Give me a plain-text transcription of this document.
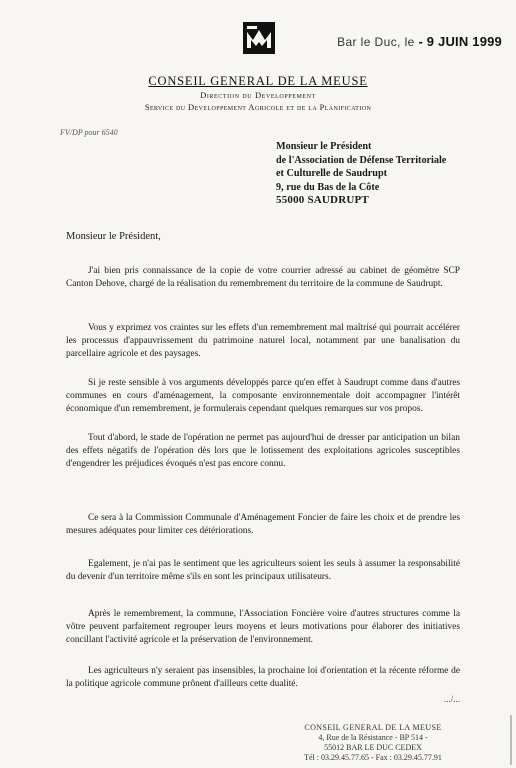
Bar le Duc, le - 9 JUIN 1999
CONSEIL GENERAL DE LA MEUSE
Direction du Developpement
Service du Developpement Agricole et de la Planification
FV/DP pour 6540
Monsieur le Président
de l'Association de Défense Territoriale
et Culturelle de Saudrupt
9, rue du Bas de la Côte
55000 SAUDRUPT
Monsieur le Président,

J'ai bien pris connaissance de la copie de votre courrier adressé au cabinet de géomètre SCP Canton Dehove, chargé de la réalisation du remembrement du territoire de la commune de Saudrupt.

Vous y exprimez vos craintes sur les effets d'un remembrement mal maîtrisé qui pourrait accélérer les processus d'appauvrissement du patrimoine naturel local, notamment par une banalisation du parcellaire agricole et des paysages.

Si je reste sensible à vos arguments développés parce qu'en effet à Saudrupt comme dans d'autres communes en cours d'aménagement, la composante environnementale doit accompagner l'intérêt économique d'un remembrement, je formulerais cependant quelques remarques sur vos propos.

Tout d'abord, le stade de l'opération ne permet pas aujourd'hui de dresser par anticipation un bilan des effets négatifs de l'opération dès lors que le lotissement des exploitations agricoles susceptibles d'engendrer les préjudices évoqués n'est pas encore connu.

Ce sera à la Commission Communale d'Aménagement Foncier de faire les choix et de prendre les mesures adéquates pour limiter ces détériorations.

Egalement, je n'ai pas le sentiment que les agriculteurs soient les seuls à assumer la responsabilité du devenir d'un territoire même s'ils en sont les principaux utilisateurs.

Après le remembrement, la commune, l'Association Foncière voire d'autres structures comme la vôtre peuvent parfaitement regrouper leurs moyens et leurs motivations pour élaborer des initiatives concillant l'activité agricole et la préservation de l'environnement.

Les agriculteurs n'y seraient pas insensibles, la prochaine loi d'orientation et la récente réforme de la politique agricole commune prônent d'ailleurs cette dualité.

.../...
CONSEIL GENERAL DE LA MEUSE
4, Rue de la Résistance - BP 514 -
55012 BAR LE DUC CEDEX
Tél : 03.29.45.77.65 - Fax : 03.29.45.77.91
